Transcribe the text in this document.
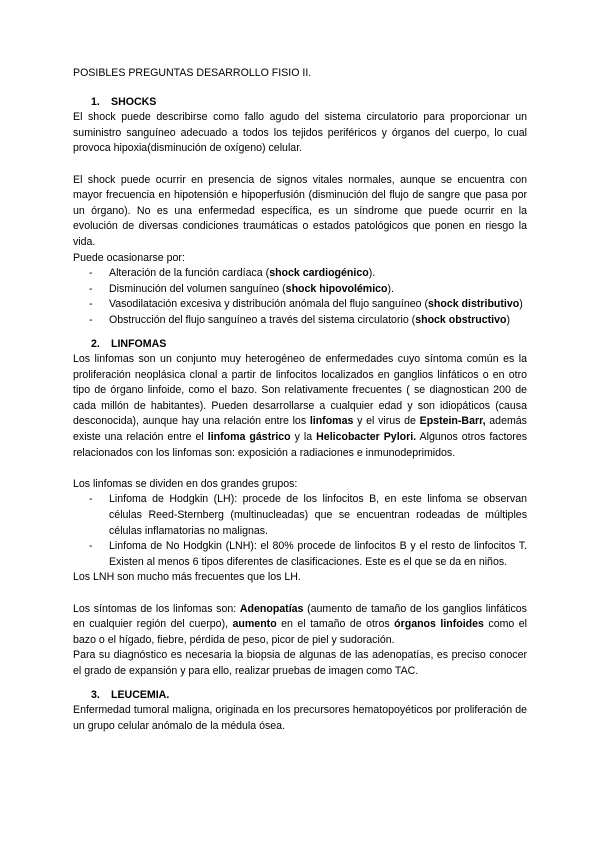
POSIBLES PREGUNTAS DESARROLLO FISIO II.

1. SHOCKS

El shock puede describirse como fallo agudo del sistema circulatorio para proporcionar un suministro sanguíneo adecuado a todos los tejidos periféricos y órganos del cuerpo, lo cual provoca hipoxia(disminución de oxígeno) celular.

El shock puede ocurrir en presencia de signos vitales normales, aunque se encuentra con mayor frecuencia en hipotensión e hipoperfusión (disminución del flujo de sangre que pasa por un órgano). No es una enfermedad específica, es un síndrome que puede ocurrir en la evolución de diversas condiciones traumáticas o estados patológicos que ponen en riesgo la vida.

Puede ocasionarse por:

- Alteración de la función cardíaca (shock cardiogénico).
- Disminución del volumen sanguíneo (shock hipovolémico).
- Vasodilatación excesiva y distribución anómala del flujo sanguíneo (shock distributivo)
- Obstrucción del flujo sanguíneo a través del sistema circulatorio (shock obstructivo)

2. LINFOMAS

Los linfomas son un conjunto muy heterogéneo de enfermedades cuyo síntoma común es la proliferación neoplásica clonal a partir de linfocitos localizados en ganglios linfáticos o en otro tipo de órgano linfoide, como el bazo. Son relativamente frecuentes ( se diagnostican 200 de cada millón de habitantes). Pueden desarrollarse a cualquier edad y son idiopáticos (causa desconocida), aunque hay una relación entre los linfomas y el virus de Epstein-Barr, además existe una relación entre el linfoma gástrico y la Helicobacter Pylori. Algunos otros factores relacionados con los linfomas son: exposición a radiaciones e inmunodeprimidos.

Los linfomas se dividen en dos grandes grupos:

- Linfoma de Hodgkin (LH): procede de los linfocitos B, en este linfoma se observan células Reed-Sternberg (multinucleadas) que se encuentran rodeadas de múltiples células inflamatorias no malignas.
- Linfoma de No Hodgkin (LNH): el 80% procede de linfocitos B y el resto de linfocitos T. Existen al menos 6 tipos diferentes de clasificaciones. Este es el que se da en niños.

Los LNH son mucho más frecuentes que los LH.

Los síntomas de los linfomas son: Adenopatías (aumento de tamaño de los ganglios linfáticos en cualquier región del cuerpo), aumento en el tamaño de otros órganos linfoides como el bazo o el hígado, fiebre, pérdida de peso, picor de piel y sudoración.

Para su diagnóstico es necesaria la biopsia de algunas de las adenopatías, es preciso conocer el grado de expansión y para ello, realizar pruebas de imagen como TAC.

3. LEUCEMIA.

Enfermedad tumoral maligna, originada en los precursores hematopoyéticos por proliferación de un grupo celular anómalo de la médula ósea.
